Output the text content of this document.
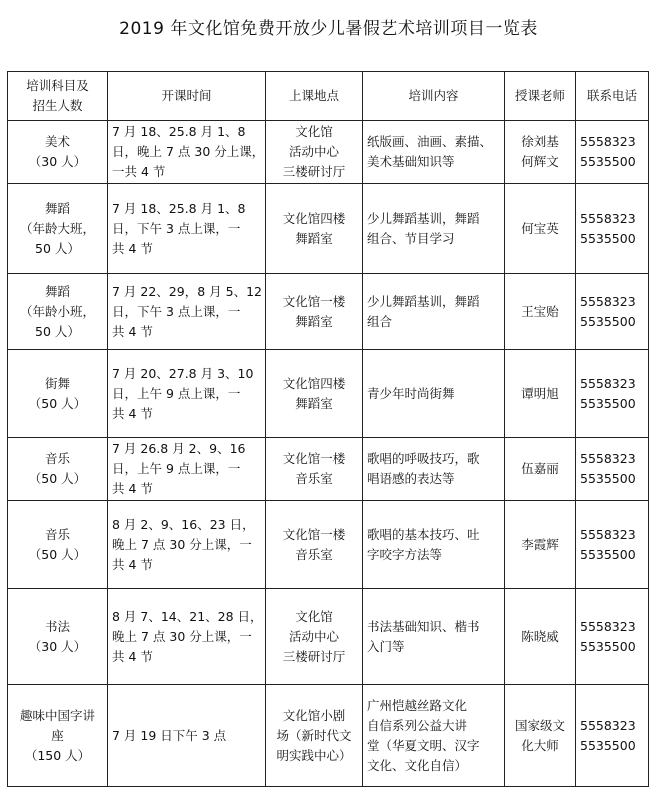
2019 年文化馆免费开放少儿暑假艺术培训项目一览表
培训科目及
招生人数	开课时间	上课地点	培训内容	授课老师	联系电话

美术
（30 人）	7 月 18、25.8 月 1、8
日，晚上 7 点 30 分上课，
一共 4 节	文化馆
活动中心
三楼研讨厅	纸版画、油画、素描、
美术基础知识等	徐刘基
何辉文	5558323
5535500

舞蹈
（年龄大班，
50 人）	7 月 18、25.8 月 1、8
日，下午 3 点上课，一
共 4 节	文化馆四楼
舞蹈室	少儿舞蹈基训，舞蹈
组合、节目学习	何宝英	5558323
5535500

舞蹈
（年龄小班，
50 人）	7 月 22、29，8 月 5、12
日，下午 3 点上课，一
共 4 节	文化馆一楼
舞蹈室	少儿舞蹈基训，舞蹈
组合	王宝贻	5558323
5535500

街舞
（50 人）	7 月 20、27.8 月 3、10
日，上午 9 点上课，一
共 4 节	文化馆四楼
舞蹈室	青少年时尚街舞	谭明旭	5558323
5535500

音乐
（50 人）	7 月 26.8 月 2、9、16
日，上午 9 点上课，一
共 4 节	文化馆一楼
音乐室	歌唱的呼吸技巧，歌
唱语感的表达等	伍嘉丽	5558323
5535500

音乐
（50 人）	8 月 2、9、16、23 日，
晚上 7 点 30 分上课，一
共 4 节	文化馆一楼
音乐室	歌唱的基本技巧、吐
字咬字方法等	李霞辉	5558323
5535500

书法
（30 人）	8 月 7、14、21、28 日，
晚上 7 点 30 分上课，一
共 4 节	文化馆
活动中心
三楼研讨厅	书法基础知识、楷书
入门等	陈晓威	5558323
5535500

趣味中国字讲
座
（150 人）	7 月 19 日下午 3 点	文化馆小剧
场（新时代文
明实践中心）	广州恺越丝路文化
自信系列公益大讲
堂（华夏文明、汉字
文化、文化自信）	国家级文
化大师	5558323
5535500
